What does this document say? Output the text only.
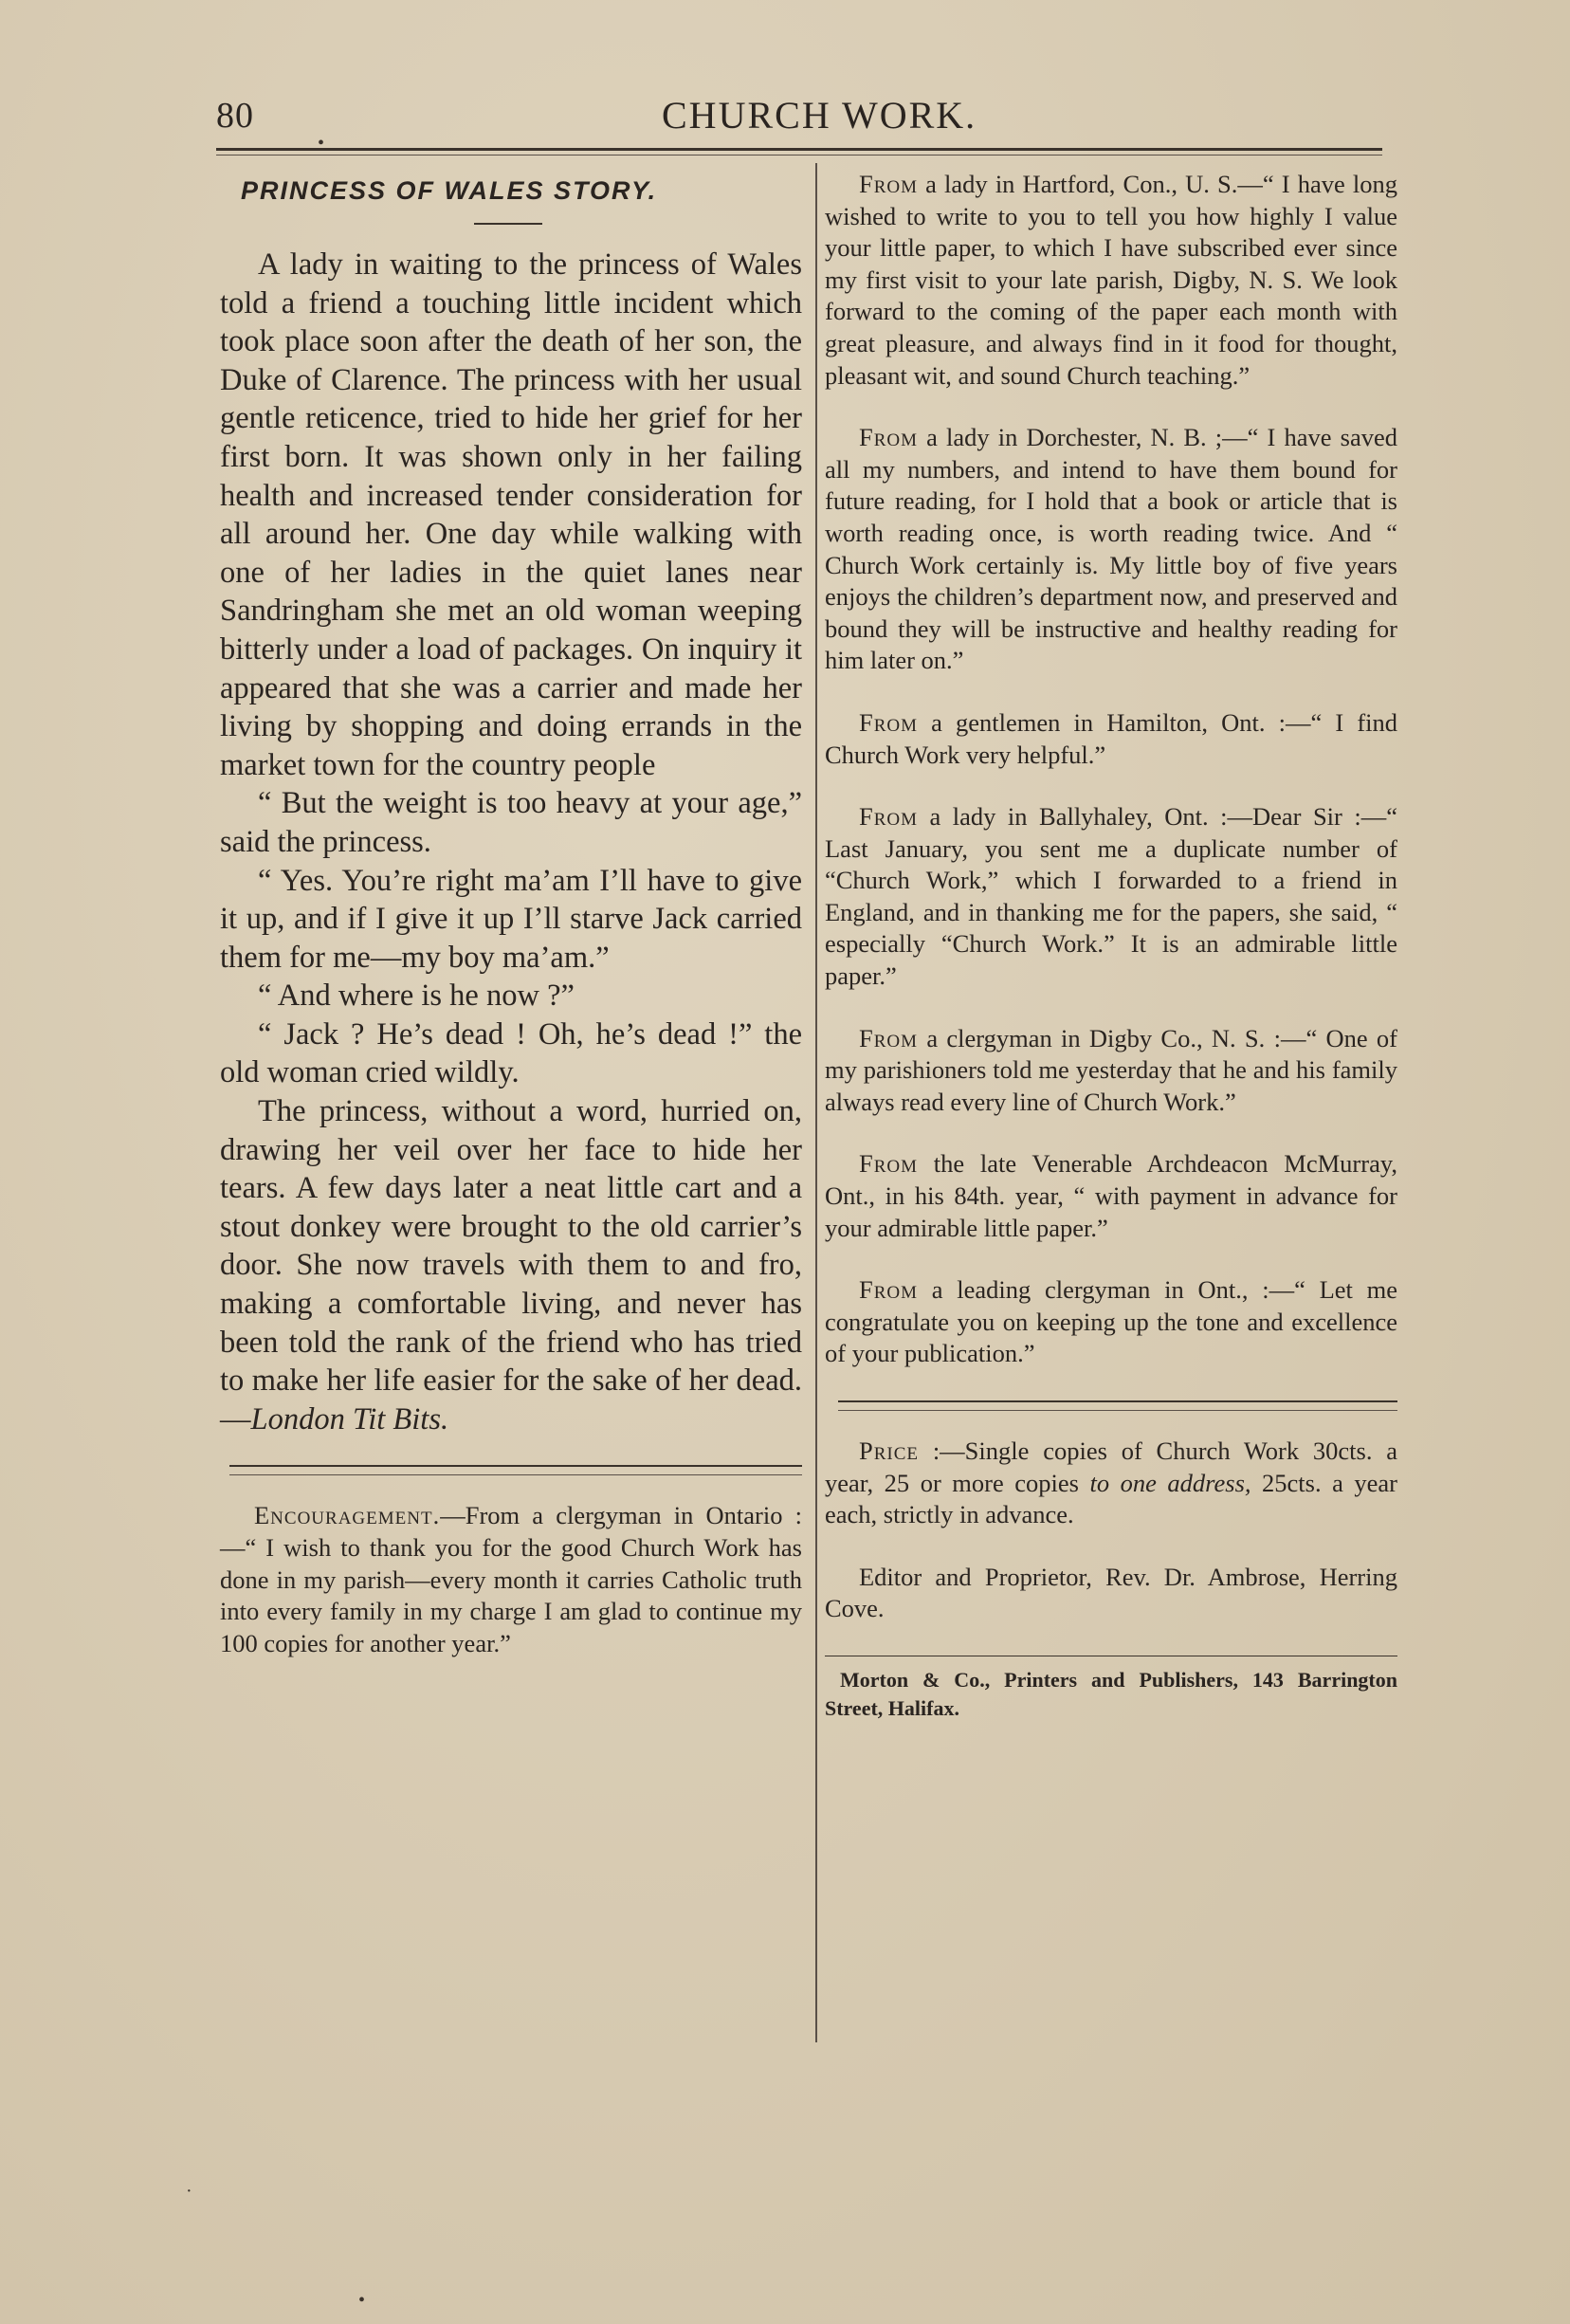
80	CHURCH WORK.
PRINCESS OF WALES STORY.

A lady in waiting to the princess of Wales told a friend a touching little incident which took place soon after the death of her son, the Duke of Clarence. The princess with her usual gentle reticence, tried to hide her grief for her first born. It was shown only in her failing health and increased tender consideration for all around her. One day while walking with one of her ladies in the quiet lanes near Sandringham she met an old woman weeping bitterly under a load of packages. On inquiry it appeared that she was a carrier and made her living by shopping and doing errands in the market town for the country people

“ But the weight is too heavy at your age,” said the princess.

“ Yes. You’re right ma’am I’ll have to give it up, and if I give it up I’ll starve Jack carried them for me—my boy ma’am.”

“ And where is he now ?”

“ Jack ? He’s dead ! Oh, he’s dead !” the old woman cried wildly.

The princess, without a word, hurried on, drawing her veil over her face to hide her tears. A few days later a neat little cart and a stout donkey were brought to the old carrier’s door. She now travels with them to and fro, making a comfortable living, and never has been told the rank of the friend who has tried to make her life easier for the sake of her dead.—London Tit Bits.

Encouragement.—From a clergyman in Ontario :—“ I wish to thank you for the good Church Work has done in my parish—every month it carries Catholic truth into every family in my charge I am glad to continue my 100 copies for another year.”

From a lady in Hartford, Con., U. S.—“ I have long wished to write to you to tell you how highly I value your little paper, to which I have subscribed ever since my first visit to your late parish, Digby, N. S. We look forward to the coming of the paper each month with great pleasure, and always find in it food for thought, pleasant wit, and sound Church teaching.”

From a lady in Dorchester, N. B. ;—“ I have saved all my numbers, and intend to have them bound for future reading, for I hold that a book or article that is worth reading once, is worth reading twice. And “ Church Work certainly is. My little boy of five years enjoys the children’s department now, and preserved and bound they will be instructive and healthy reading for him later on.”

From a gentlemen in Hamilton, Ont. :—“ I find Church Work very helpful.”

From a lady in Ballyhaley, Ont. :—Dear Sir :—“ Last January, you sent me a duplicate number of “Church Work,” which I forwarded to a friend in England, and in thanking me for the papers, she said, “ especially “Church Work.” It is an admirable little paper.”

From a clergyman in Digby Co., N. S. :—“ One of my parishioners told me yesterday that he and his family always read every line of Church Work.”

From the late Venerable Archdeacon McMurray, Ont., in his 84th. year, “ with payment in advance for your admirable little paper.”

From a leading clergyman in Ont., :—“ Let me congratulate you on keeping up the tone and excellence of your publication.”

Price :—Single copies of Church Work 30cts. a year, 25 or more copies to one address, 25cts. a year each, strictly in advance.

Editor and Proprietor, Rev. Dr. Ambrose, Herring Cove.

Morton & Co., Printers and Publishers, 143 Barrington Street, Halifax.

•
•
·
